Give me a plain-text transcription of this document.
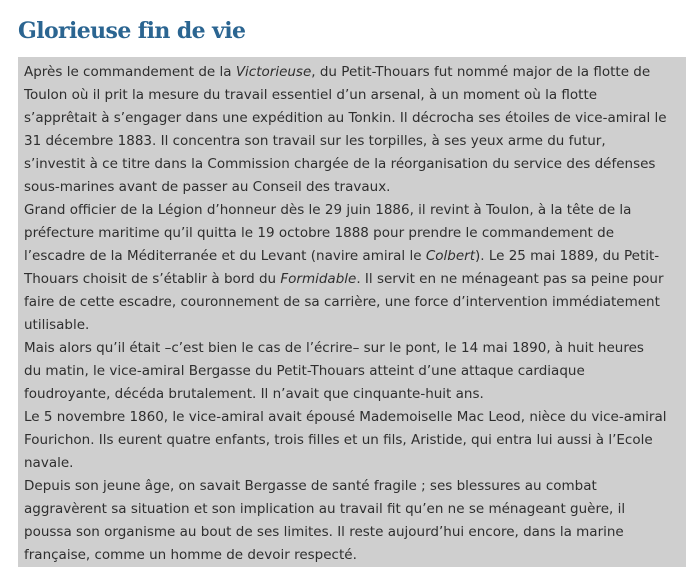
Glorieuse fin de vie
Après le commandement de la Victorieuse, du Petit-Thouars fut nommé major de la flotte de
Toulon où il prit la mesure du travail essentiel d’un arsenal, à un moment où la flotte
s’apprêtait à s’engager dans une expédition au Tonkin. Il décrocha ses étoiles de vice-amiral le
31 décembre 1883. Il concentra son travail sur les torpilles, à ses yeux arme du futur,
s’investit à ce titre dans la Commission chargée de la réorganisation du service des défenses
sous-marines avant de passer au Conseil des travaux.
Grand officier de la Légion d’honneur dès le 29 juin 1886, il revint à Toulon, à la tête de la
préfecture maritime qu’il quitta le 19 octobre 1888 pour prendre le commandement de
l’escadre de la Méditerranée et du Levant (navire amiral le Colbert). Le 25 mai 1889, du Petit-
Thouars choisit de s’établir à bord du Formidable. Il servit en ne ménageant pas sa peine pour
faire de cette escadre, couronnement de sa carrière, une force d’intervention immédiatement
utilisable.
Mais alors qu’il était –c’est bien le cas de l’écrire– sur le pont, le 14 mai 1890, à huit heures
du matin, le vice-amiral Bergasse du Petit-Thouars atteint d’une attaque cardiaque
foudroyante, décéda brutalement. Il n’avait que cinquante-huit ans.
Le 5 novembre 1860, le vice-amiral avait épousé Mademoiselle Mac Leod, nièce du vice-amiral
Fourichon. Ils eurent quatre enfants, trois filles et un fils, Aristide, qui entra lui aussi à l’Ecole
navale.
Depuis son jeune âge, on savait Bergasse de santé fragile ; ses blessures au combat
aggravèrent sa situation et son implication au travail fit qu’en ne se ménageant guère, il
poussa son organisme au bout de ses limites. Il reste aujourd’hui encore, dans la marine
française, comme un homme de devoir respecté.
